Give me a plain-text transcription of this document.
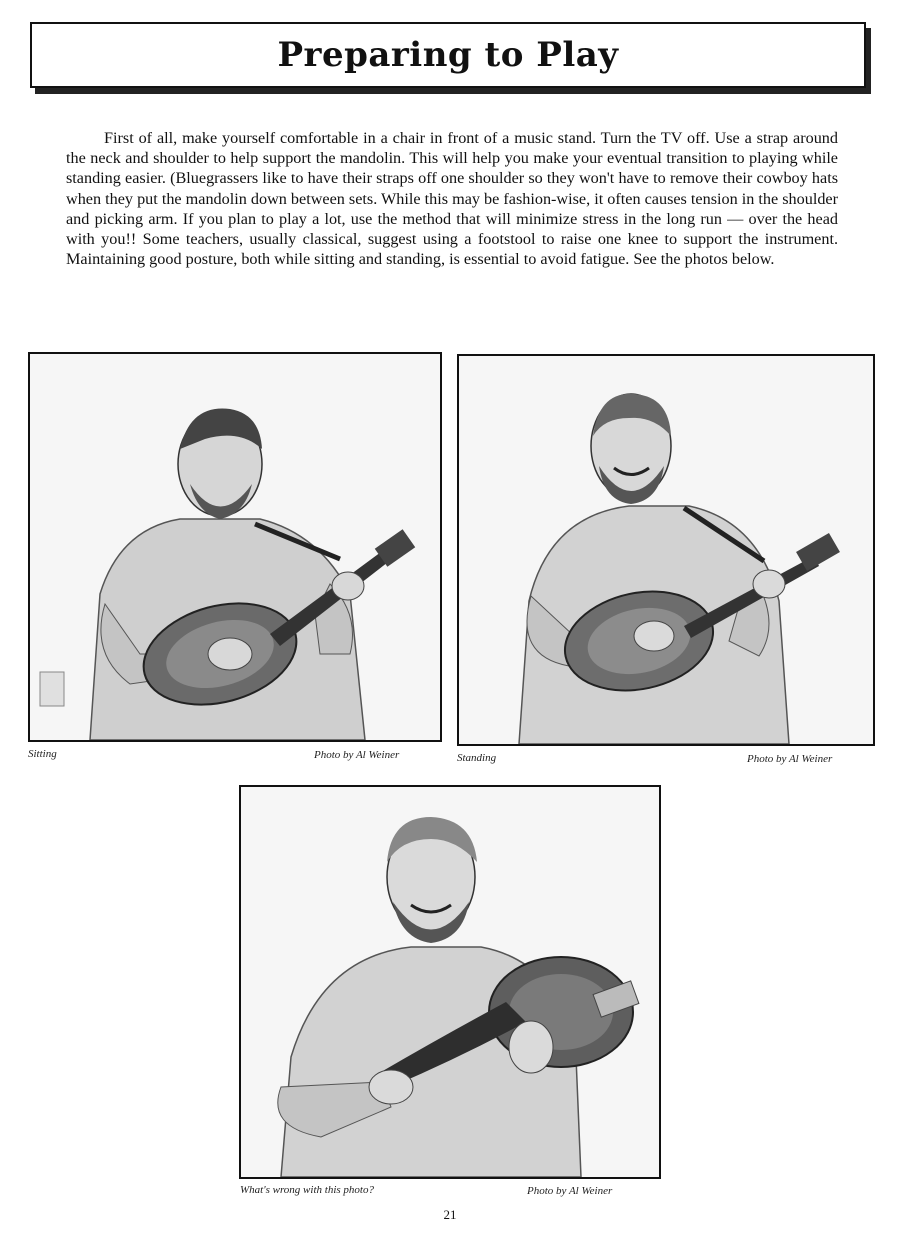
Preparing to Play

First of all, make yourself comfortable in a chair in front of a music stand. Turn the TV off. Use a strap around the neck and shoulder to help support the mandolin. This will help you make your eventual transition to playing while standing easier. (Bluegrassers like to have their straps off one shoulder so they won't have to remove their cowboy hats when they put the mandolin down between sets. While this may be fashion-wise, it often causes tension in the shoulder and picking arm. If you plan to play a lot, use the method that will minimize stress in the long run — over the head with you!! Some teachers, usually classical, suggest using a footstool to raise one knee to support the instrument. Maintaining good posture, both while sitting and standing, is essential to avoid fatigue. See the photos below.

Sitting	Photo by Al Weiner	Standing	Photo by Al Weiner
What's wrong with this photo?	Photo by Al Weiner
21
